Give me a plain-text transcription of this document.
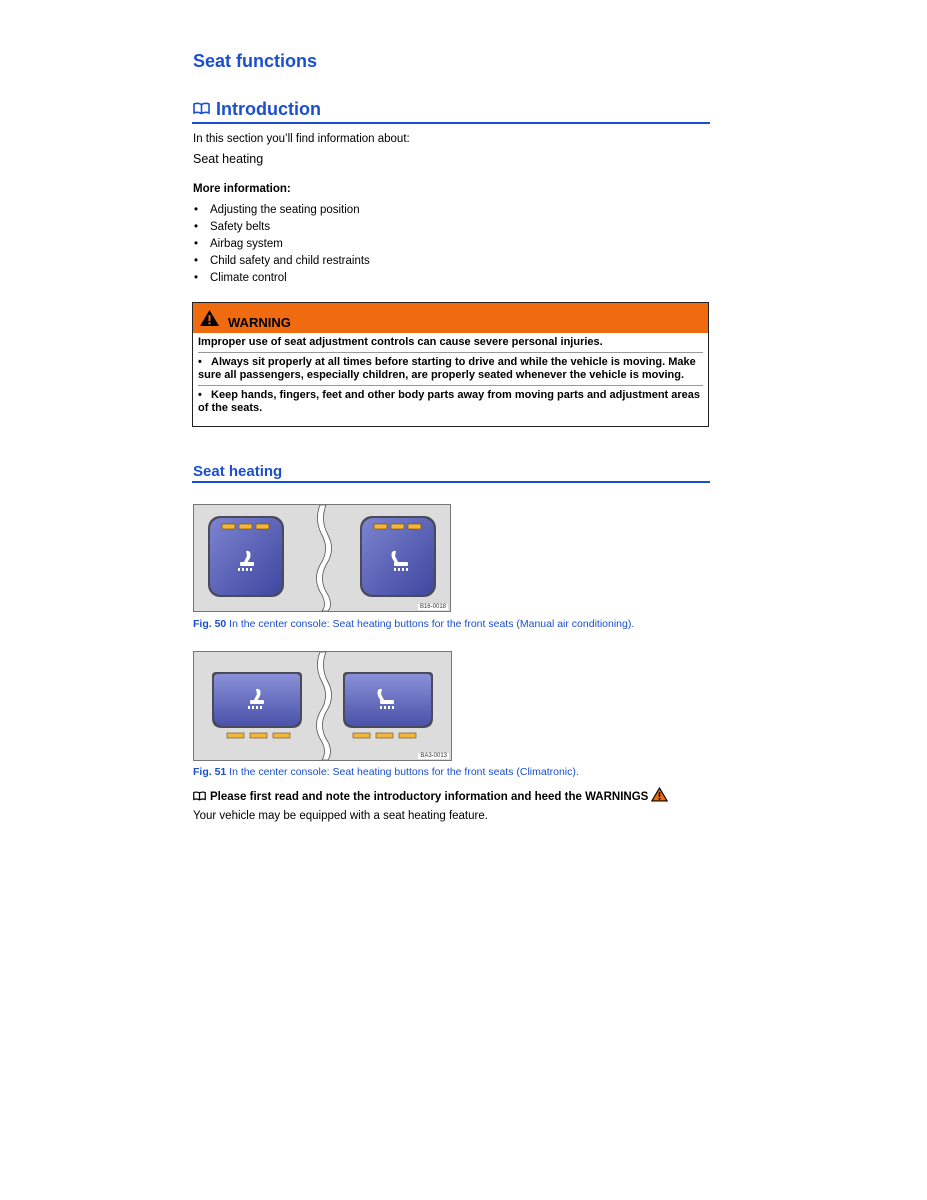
Seat functions
Introduction
In this section you’ll find information about:
Seat heating
More information:
• Adjusting the seating position
• Safety belts
• Airbag system
• Child safety and child restraints
• Climate control
WARNING
Improper use of seat adjustment controls can cause severe personal injuries.
•   Always sit properly at all times before starting to drive and while the vehicle is moving. Make sure all passengers, especially children, are properly seated whenever the vehicle is moving.
•   Keep hands, fingers, feet and other body parts away from moving parts and adjustment areas of the seats.
Seat heating
B16-0018
Fig. 50 In the center console: Seat heating buttons for the front seats (Manual air conditioning).
BA3-0013
Fig. 51 In the center console: Seat heating buttons for the front seats (Climatronic).
Please first read and note the introductory information and heed the WARNINGS
Your vehicle may be equipped with a seat heating feature.
